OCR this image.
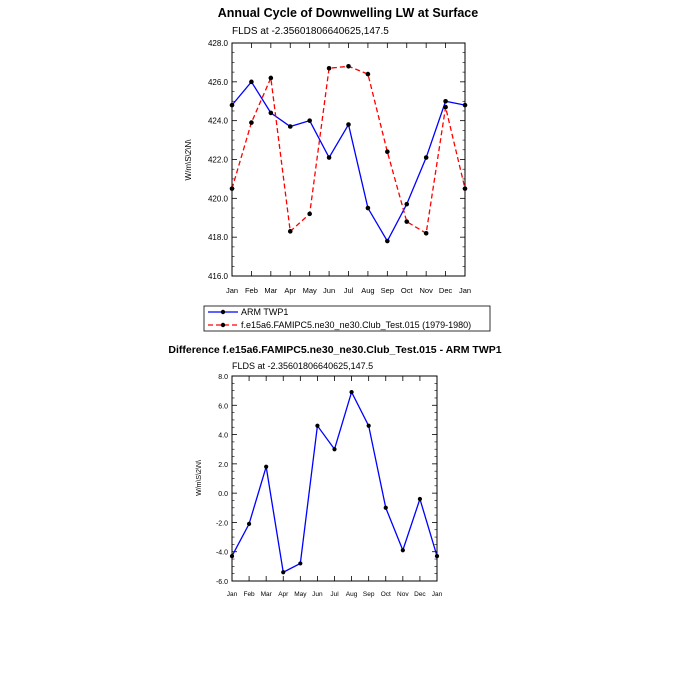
Annual Cycle of Downwelling LW at Surface
FLDS at -2.35601806640625,147.5
W/m\S\2\N\
416.0
418.0
420.0
422.0
424.0
426.0
428.0
Jan Feb Mar Apr May Jun Jul Aug Sep Oct Nov Dec Jan
ARM TWP1
f.e15a6.FAMIPC5.ne30_ne30.Club_Test.015 (1979-1980)
Difference f.e15a6.FAMIPC5.ne30_ne30.Club_Test.015 - ARM TWP1
FLDS at -2.35601806640625,147.5
W/m\S\2\N\
-6.0
-4.0
-2.0
0.0
2.0
4.0
6.0
8.0
Jan Feb Mar Apr May Jun Jul Aug Sep Oct Nov Dec Jan
